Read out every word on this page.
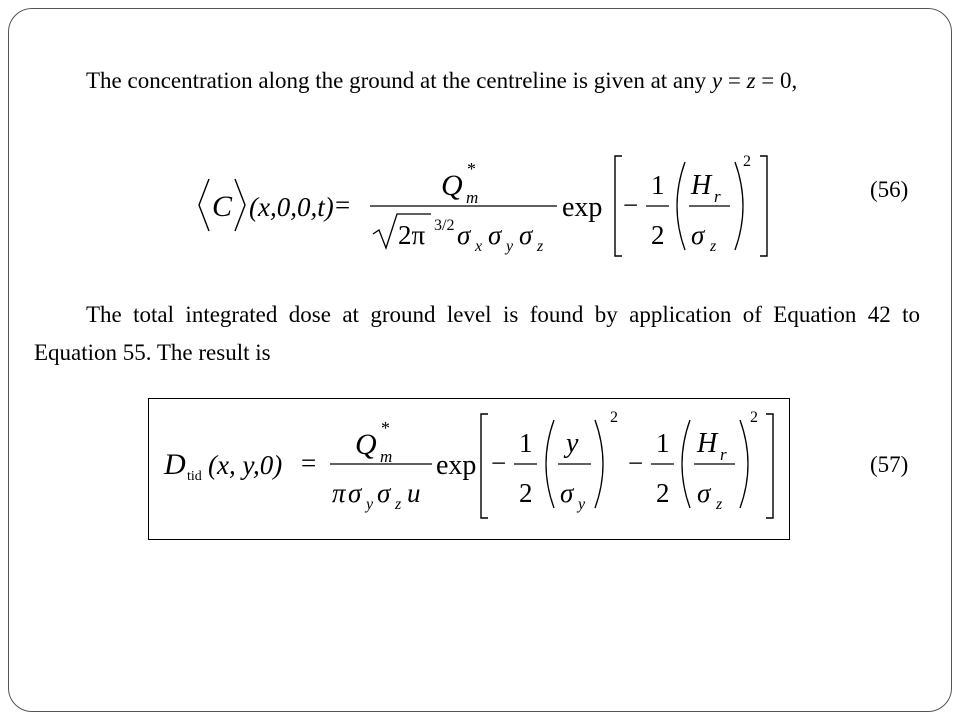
The concentration along the ground at the centreline is given at any y = z = 0,

C (x,0,0,t) =
Q m
*
2π 3/2 σ x σ y σ z
exp −
1
2
H r
σ z
2
(56)

The total integrated dose at ground level is found by application of Equation 42 to Equation 55. The result is

D tid (x, y,0) =
Q m
*
π σ y σ z u
exp −
1
2
y
σ y
2
−
1
2
H r
σ z
2
(57)
